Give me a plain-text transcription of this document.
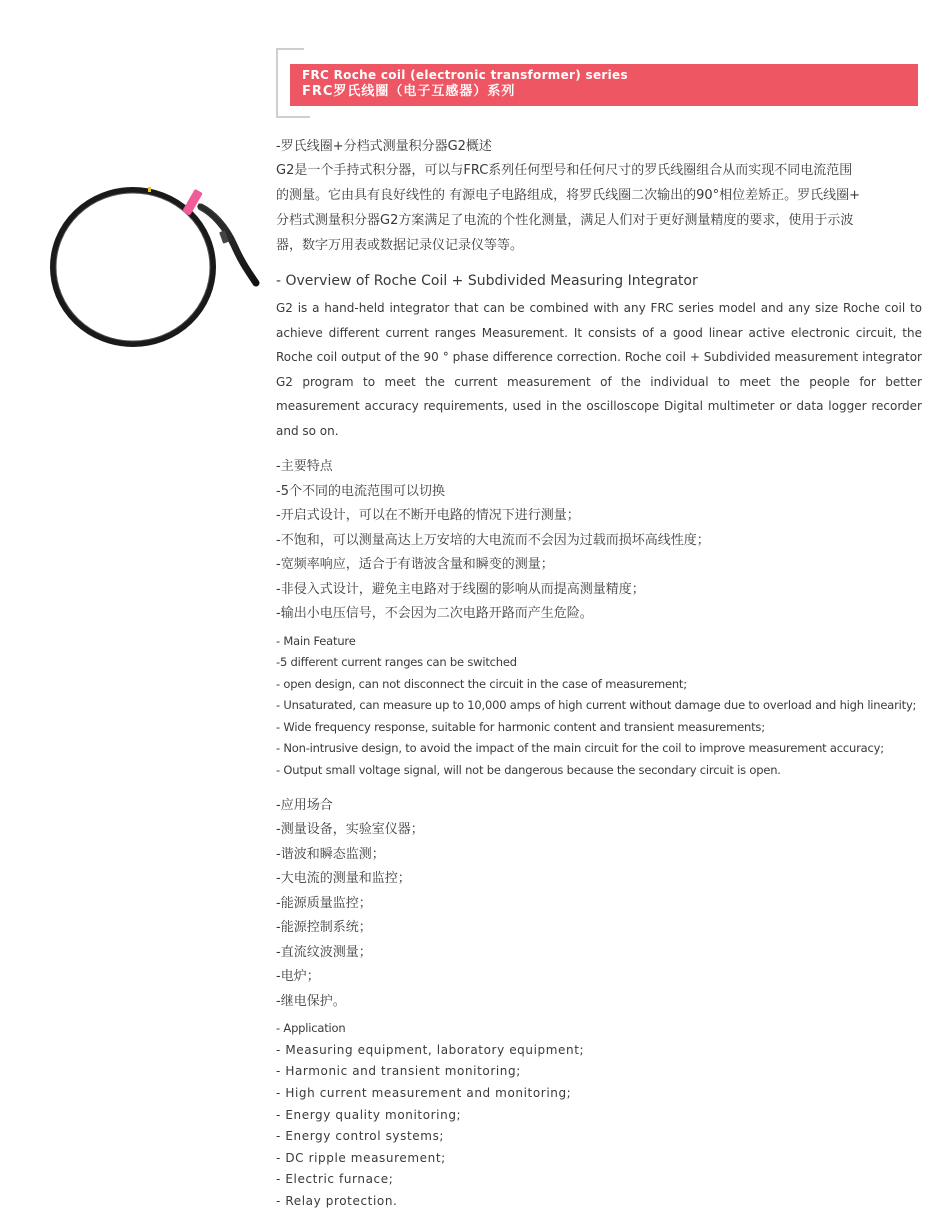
FRC Roche coil (electronic transformer) series
FRC罗氏线圈（电子互感器）系列
-罗氏线圈+分档式测量积分器G2概述
G2是一个手持式积分器，可以与FRC系列任何型号和任何尺寸的罗氏线圈组合从而实现不同电流范围
的测量。它由具有良好线性的 有源电子电路组成，将罗氏线圈二次输出的90°相位差矫正。罗氏线圈+
分档式测量积分器G2方案满足了电流的个性化测量，满足人们对于更好测量精度的要求，使用于示波
器，数字万用表或数据记录仪记录仪等等。
- Overview of Roche Coil + Subdivided Measuring Integrator

G2 is a hand-held integrator that can be combined with any FRC series model and any size Roche coil to achieve different current ranges Measurement. It consists of a good linear active electronic circuit, the Roche coil output of the 90 ° phase difference correction. Roche coil + Subdivided measurement integrator G2 program to meet the current measurement of the individual to meet the people for better measurement accuracy requirements, used in the oscilloscope Digital multimeter or data logger recorder and so on.

-主要特点
-5个不同的电流范围可以切换
-开启式设计，可以在不断开电路的情况下进行测量；
-不饱和，可以测量高达上万安培的大电流而不会因为过载而损坏高线性度；
-宽频率响应，适合于有谐波含量和瞬变的测量；
-非侵入式设计，避免主电路对于线圈的影响从而提高测量精度；
-输出小电压信号，不会因为二次电路开路而产生危险。
- Main Feature
-5 different current ranges can be switched
- open design, can not disconnect the circuit in the case of measurement;
- Unsaturated, can measure up to 10,000 amps of high current without damage due to overload and high linearity;
- Wide frequency response, suitable for harmonic content and transient measurements;
- Non-intrusive design, to avoid the impact of the main circuit for the coil to improve measurement accuracy;
- Output small voltage signal, will not be dangerous because the secondary circuit is open.
-应用场合
-测量设备，实验室仪器；
-谐波和瞬态监测；
-大电流的测量和监控；
-能源质量监控；
-能源控制系统；
-直流纹波测量；
-电炉；
-继电保护。
- Application
- Measuring equipment, laboratory equipment;
- Harmonic and transient monitoring;
- High current measurement and monitoring;
- Energy quality monitoring;
- Energy control systems;
- DC ripple measurement;
- Electric furnace;
- Relay protection.
